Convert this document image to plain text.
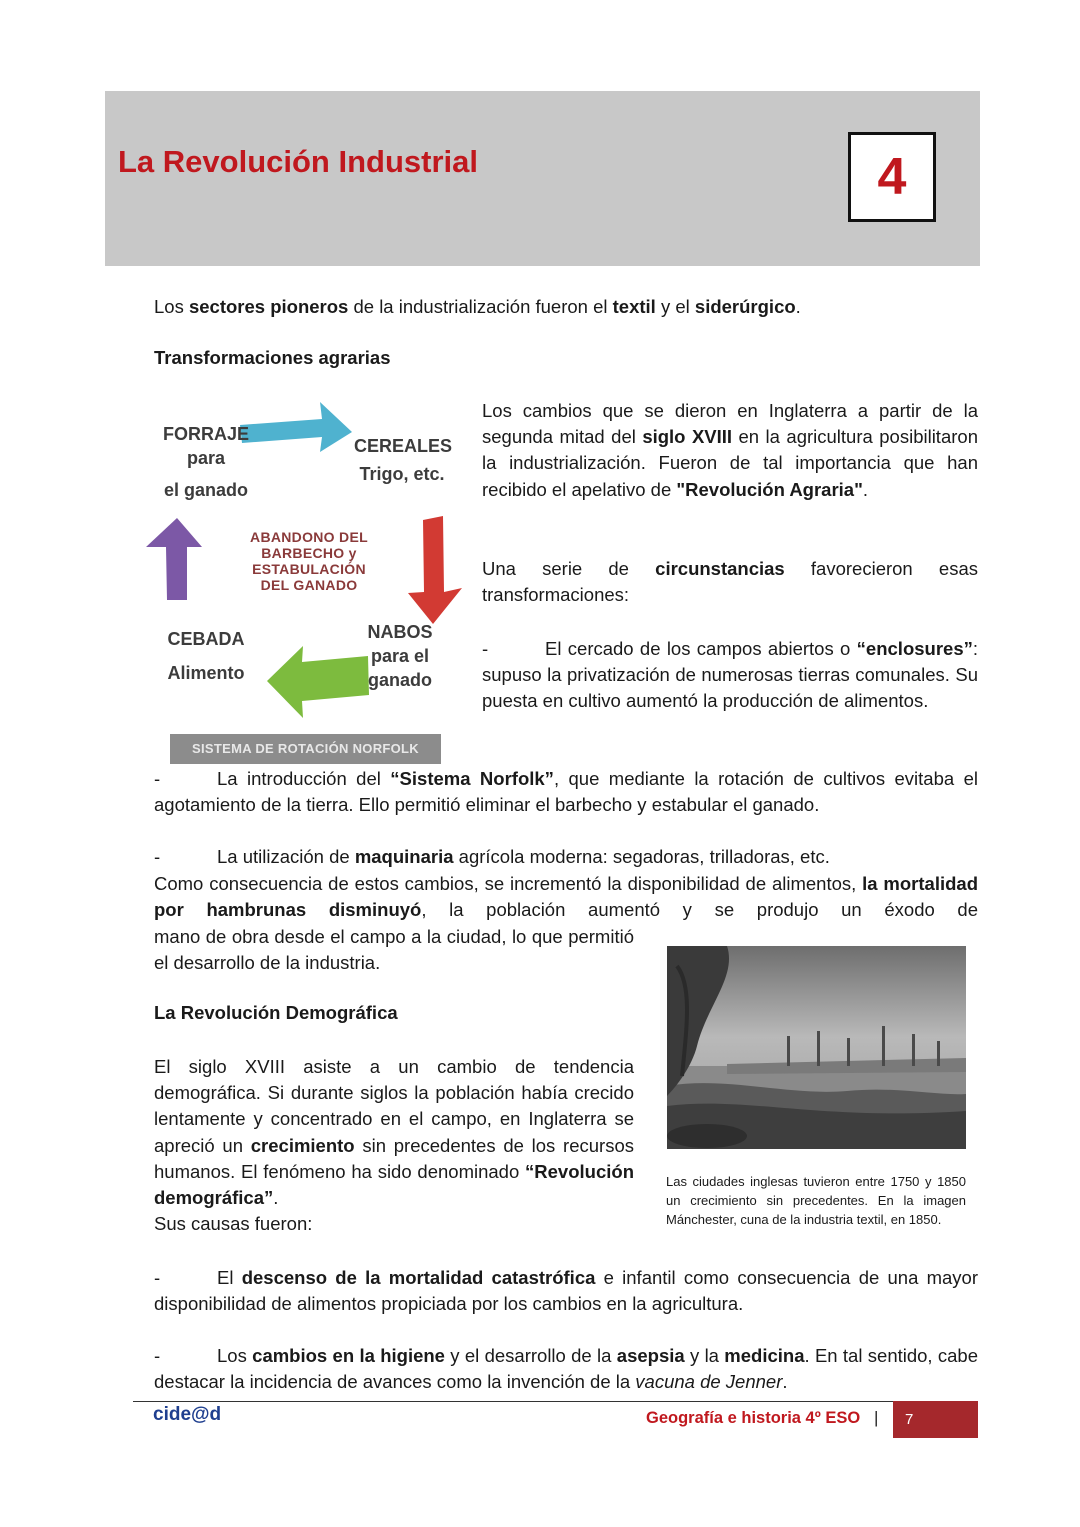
La Revolución Industrial	4

Los sectores pioneros de la industrialización fueron el textil y el siderúrgico.

Transformaciones agrarias
FORRAJE
para
el ganado
CEREALES
Trigo, etc.
ABANDONO DEL
BARBECHO y
ESTABULACIÓN
DEL GANADO
NABOS
para el
ganado
CEBADA
Alimento
SISTEMA DE ROTACIÓN NORFOLK

Los cambios que se dieron en Inglaterra a partir de la segunda mitad del siglo XVIII en la agricultura posibilitaron la industrialización. Fueron de tal importancia que han recibido el apelativo de "Revolución Agraria".

Una serie de circunstancias favorecieron esas transformaciones:

-	El cercado de los campos abiertos o “enclosures”: supuso la privatización de numerosas tierras comunales. Su puesta en cultivo aumentó la producción de alimentos.

-	La introducción del “Sistema Norfolk”, que mediante la rotación de cultivos evitaba el agotamiento de la tierra. Ello permitió eliminar el barbecho y estabular el ganado.

-	La utilización de maquinaria agrícola moderna: segadoras, trilladoras, etc.

Como consecuencia de estos cambios, se incrementó la disponibilidad de alimentos, la mortalidad por hambrunas disminuyó, la población aumentó y se produjo un éxodo de

mano de obra desde el campo a la ciudad, lo que permitió el desarrollo de la industria.

La Revolución Demográfica

El siglo XVIII asiste a un cambio de tendencia demográfica. Si durante siglos la población había crecido lentamente y concentrado en el campo, en Inglaterra se apreció un crecimiento sin precedentes de los recursos humanos. El fenómeno ha sido denominado “Revolución demográfica”.

Sus causas fueron:

Las ciudades inglesas tuvieron entre 1750 y 1850 un crecimiento sin precedentes. En la imagen Mánchester, cuna de la industria textil, en 1850.

-	El descenso de la mortalidad catastrófica e infantil como consecuencia de una mayor disponibilidad de alimentos propiciada por los cambios en la agricultura.

-	Los cambios en la higiene y el desarrollo de la asepsia y la medicina. En tal sentido, cabe destacar la incidencia de avances como la invención de la vacuna de Jenner.

cide@d	Geografía e historia 4º ESO |	7
